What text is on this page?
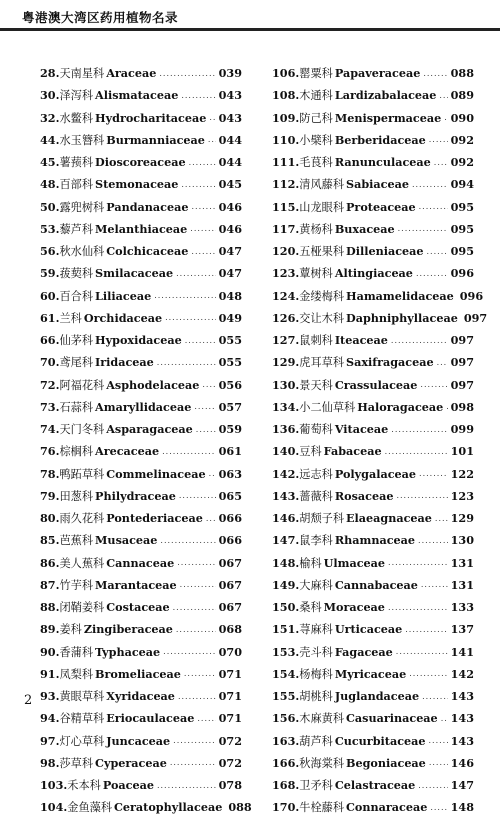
粤港澳大湾区药用植物名录
28. 天南星科 Araceae .....	039
30. 泽泻科 Alismataceae .....	043
32. 水鳖科 Hydrocharitaceae ..... 043
44. 水玉簪科 Burmanniaceae ..... 044
45. 薯蓣科 Dioscoreaceae .....	044
48. 百部科 Stemonaceae .....	045
50. 露兜树科 Pandanaceae .....	046
53. 藜芦科 Melanthiaceae .....	046
56. 秋水仙科 Colchicaceae .....	047
59. 菝葜科 Smilacaceae .....	047
60. 百合科 Liliaceae .....	048
61. 兰科 Orchidaceae .....	049
66. 仙茅科 Hypoxidaceae .....	055
70. 鸢尾科 Iridaceae .....	055
72. 阿福花科 Asphodelaceae ..... 056
73. 石蒜科 Amaryllidaceae ..... 057
74. 天门冬科 Asparagaceae ..... 059
76. 棕榈科 Arecaceae .....	061
78. 鸭跖草科 Commelinaceae ..... 063
79. 田葱科 Philydraceae .....	065
80. 雨久花科 Pontederiaceae ..... 066
85. 芭蕉科 Musaceae .....	066
86. 美人蕉科 Cannaceae .....	067
87. 竹芋科 Marantaceae .....	067
88. 闭鞘姜科 Costaceae .....	067
89. 姜科 Zingiberaceae .....	068
90. 香蒲科 Typhaceae .....	070
91. 凤梨科 Bromeliaceae .....	071
93. 黄眼草科 Xyridaceae .....	071
94. 谷精草科 Eriocaulaceae ..... 071
97. 灯心草科 Juncaceae .....	072
98. 莎草科 Cyperaceae .....	072
103. 禾本科 Poaceae .....	078
104. 金鱼藻科 Ceratophyllaceae 088
106. 罂粟科 Papaveraceae .....	088
108. 木通科 Lardizabalaceae ..... 089
109. 防己科 Menispermaceae ..... 090
110. 小檗科 Berberidaceae ..... 092
111. 毛茛科 Ranunculaceae ..... 092
112. 清风藤科 Sabiaceae .....	094
115. 山龙眼科 Proteaceae .....	095
117. 黄杨科 Buxaceae .....	095
120. 五桠果科 Dilleniaceae ..... 095
123. 蕈树科 Altingiaceae .....	096
124. 金缕梅科 Hamamelidaceae 096
126. 交让木科 Daphniphyllaceae 097
127. 鼠刺科 Iteaceae .....	097
129. 虎耳草科 Saxifragaceae ..... 097
130. 景天科 Crassulaceae .....	097
134. 小二仙草科 Haloragaceae ..... 098
136. 葡萄科 Vitaceae .....	099
140. 豆科 Fabaceae .....	101
142. 远志科 Polygalaceae .....	122
143. 蔷薇科 Rosaceae .....	123
146. 胡颓子科 Elaeagnaceae ..... 129
147. 鼠李科 Rhamnaceae .....	130
148. 榆科 Ulmaceae .....	131
149. 大麻科 Cannabaceae .....	131
150. 桑科 Moraceae .....	133
151. 荨麻科 Urticaceae .....	137
153. 壳斗科 Fagaceae .....	141
154. 杨梅科 Myricaceae .....	142
155. 胡桃科 Juglandaceae .....	143
156. 木麻黄科 Casuarinaceae ..... 143
163. 葫芦科 Cucurbitaceae ..... 143
166. 秋海棠科 Begoniaceae ..... 146
168. 卫矛科 Celastraceae .....	147
170. 牛栓藤科 Connaraceae ..... 148
2
